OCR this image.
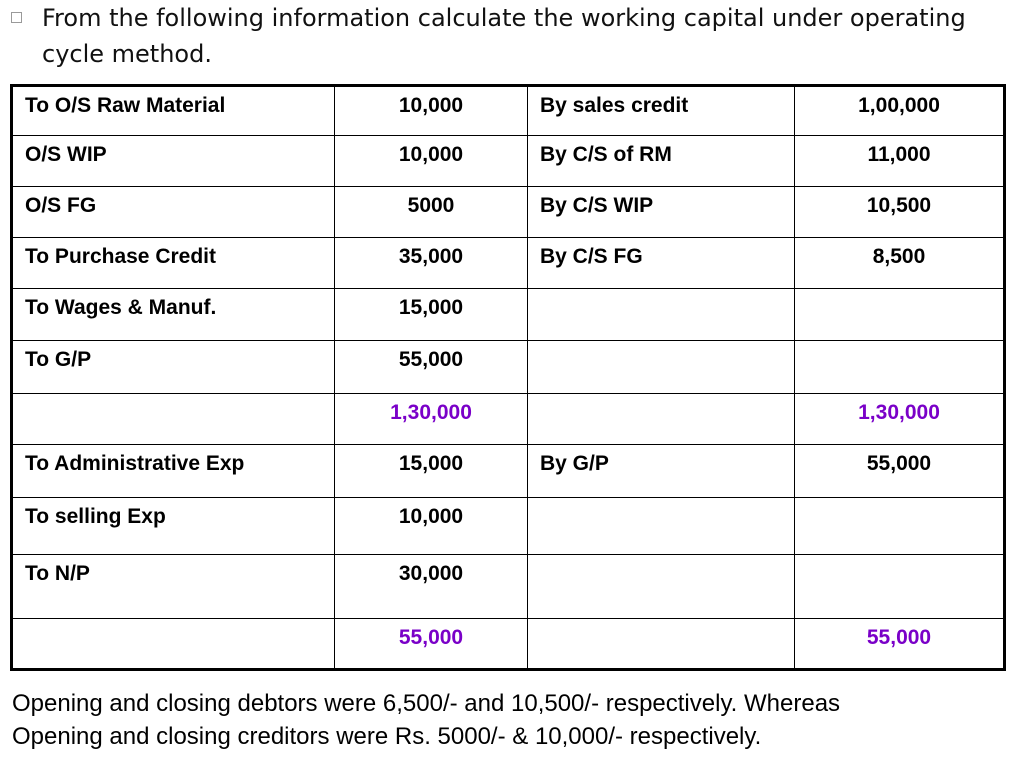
From the following information calculate the working capital under operating cycle method.
To O/S Raw Material	10,000	By sales credit	1,00,000
O/S WIP	10,000	By C/S of RM	11,000
O/S FG	5000	By C/S WIP	10,500
To Purchase Credit	35,000	By C/S FG	8,500
To Wages & Manuf.	15,000		
To G/P	55,000		
	1,30,000		1,30,000
To Administrative Exp	15,000	By G/P	55,000
To selling Exp	10,000		
To N/P	30,000		
	55,000		55,000
Opening and closing debtors were 6,500/- and 10,500/- respectively. Whereas
Opening and closing creditors were Rs. 5000/- & 10,000/- respectively.
